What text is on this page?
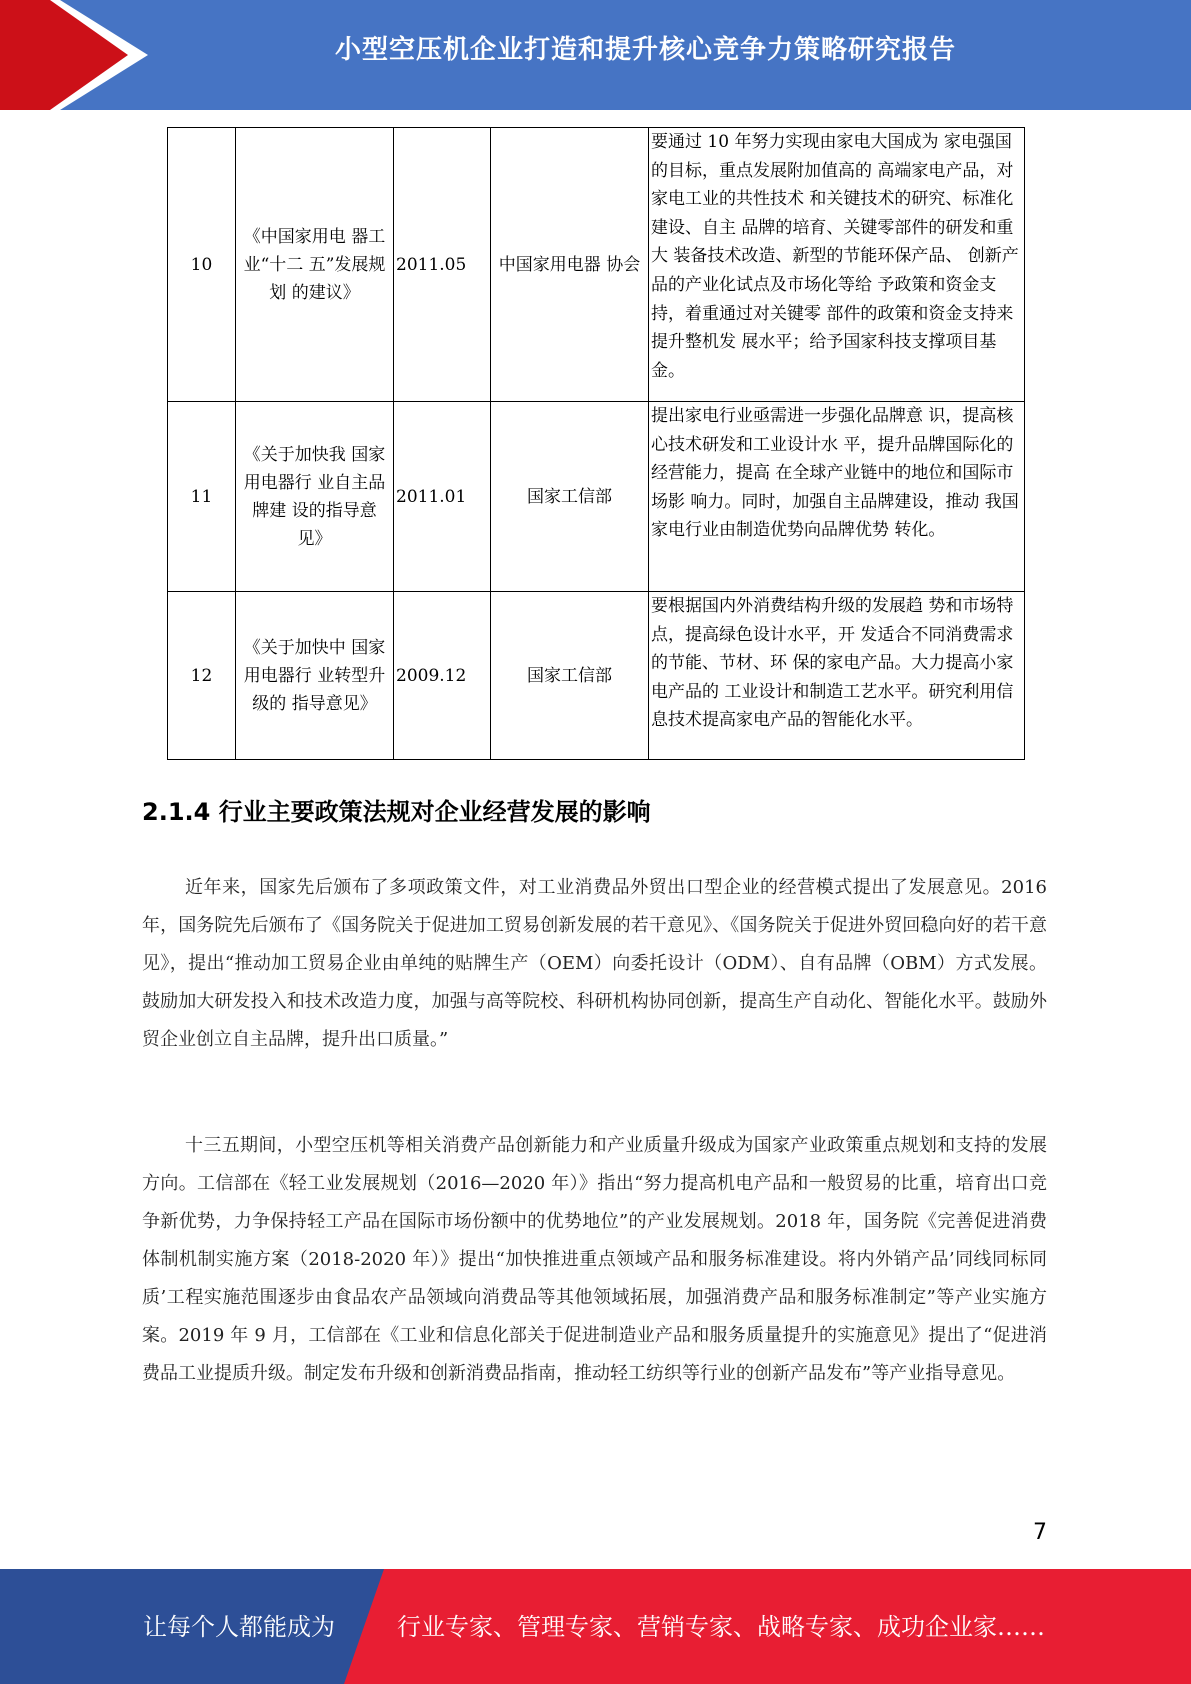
小型空压机企业打造和提升核心竞争力策略研究报告
10	《中国家用电 器工业“十二 五”发展规划 的建议》	2011.05	中国家用电器 协会	要通过 10 年努力实现由家电大国成为 家电强国的目标，重点发展附加值高的 高端家电产品，对家电工业的共性技术 和关键技术的研究、标准化建设、自主 品牌的培育、关键零部件的研发和重大 装备技术改造、新型的节能环保产品、 创新产品的产业化试点及市场化等给 予政策和资金支持，着重通过对关键零 部件的政策和资金支持来提升整机发 展水平；给予国家科技支撑项目基金。
11	《关于加快我 国家用电器行 业自主品牌建 设的指导意 见》	2011.01	国家工信部	提出家电行业亟需进一步强化品牌意 识，提高核心技术研发和工业设计水 平，提升品牌国际化的经营能力，提高 在全球产业链中的地位和国际市场影 响力。同时，加强自主品牌建设，推动 我国家电行业由制造优势向品牌优势 转化。
12	《关于加快中 国家用电器行 业转型升级的 指导意见》	2009.12	国家工信部	要根据国内外消费结构升级的发展趋 势和市场特点，提高绿色设计水平，开 发适合不同消费需求的节能、节材、环 保的家电产品。大力提高小家电产品的 工业设计和制造工艺水平。研究利用信 息技术提高家电产品的智能化水平。
2.1.4 行业主要政策法规对企业经营发展的影响

近年来，国家先后颁布了多项政策文件，对工业消费品外贸出口型企业的经营模式提出了发展意见。2016 年，国务院先后颁布了《国务院关于促进加工贸易创新发展的若干意见》、《国务院关于促进外贸回稳向好的若干意见》，提出“推动加工贸易企业由单纯的贴牌生产（OEM）向委托设计（ODM）、自有品牌（OBM）方式发展。鼓励加大研发投入和技术改造力度，加强与高等院校、科研机构协同创新，提高生产自动化、智能化水平。鼓励外贸企业创立自主品牌，提升出口质量。”

十三五期间，小型空压机等相关消费产品创新能力和产业质量升级成为国家产业政策重点规划和支持的发展方向。工信部在《轻工业发展规划（2016—2020 年）》指出“努力提高机电产品和一般贸易的比重，培育出口竞争新优势，力争保持轻工产品在国际市场份额中的优势地位”的产业发展规划。2018 年，国务院《完善促进消费体制机制实施方案（2018-2020 年）》提出“加快推进重点领域产品和服务标准建设。将内外销产品’同线同标同质’工程实施范围逐步由食品农产品领域向消费品等其他领域拓展，加强消费产品和服务标准制定”等产业实施方案。2019 年 9 月，工信部在《工业和信息化部关于促进制造业产品和服务质量提升的实施意见》提出了“促进消费品工业提质升级。制定发布升级和创新消费品指南，推动轻工纺织等行业的创新产品发布”等产业指导意见。

7
让每个人都能成为	行业专家、管理专家、营销专家、战略专家、成功企业家……
